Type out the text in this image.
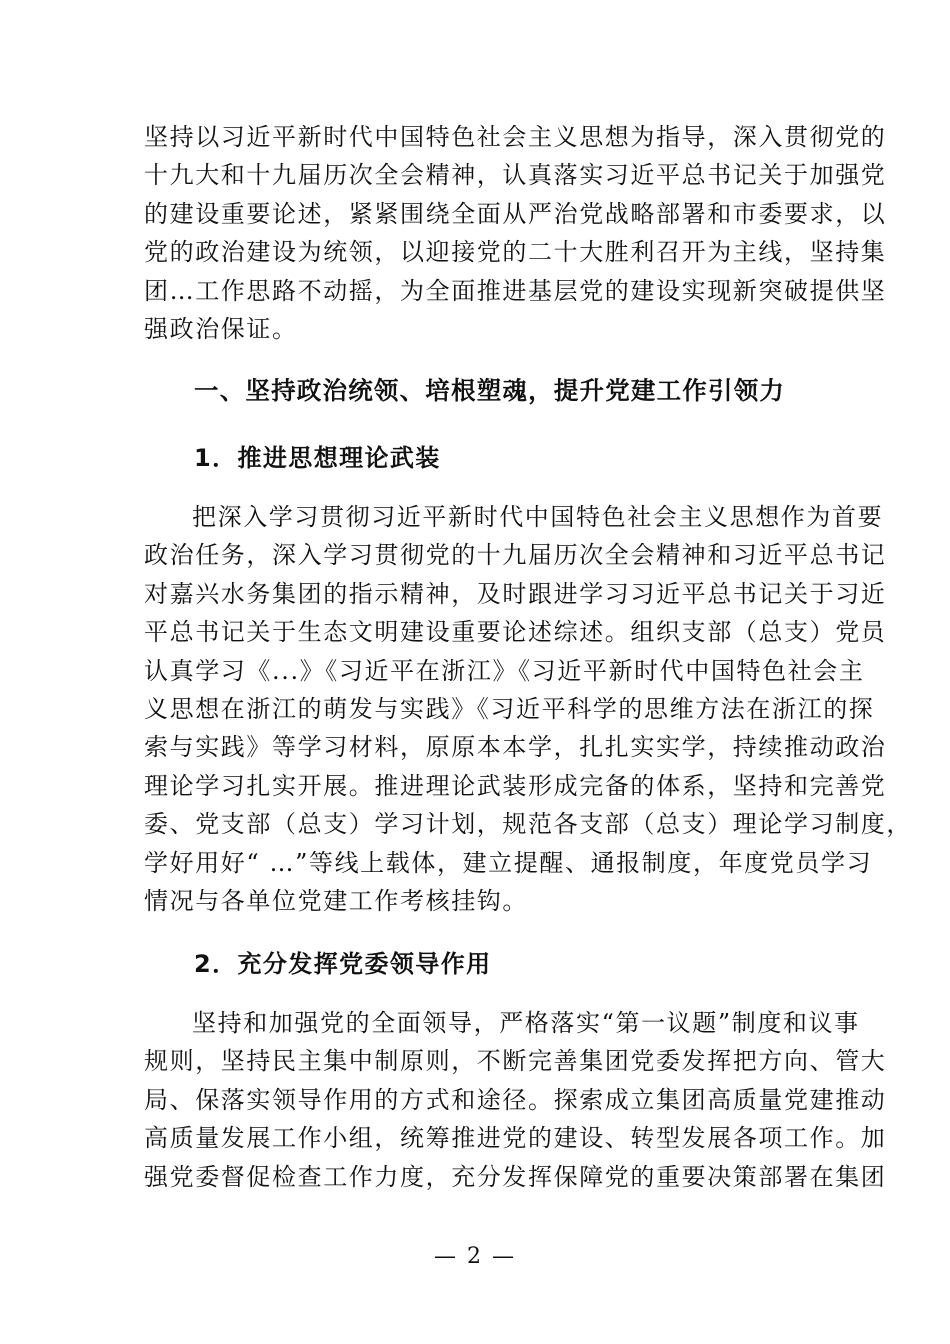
坚持以习近平新时代中国特色社会主义思想为指导，深入贯彻党的
十九大和十九届历次全会精神，认真落实习近平总书记关于加强党
的建设重要论述，紧紧围绕全面从严治党战略部署和市委要求，以
党的政治建设为统领，以迎接党的二十大胜利召开为主线，坚持集
团…工作思路不动摇，为全面推进基层党的建设实现新突破提供坚
强政治保证。
一、坚持政治统领、培根塑魂，提升党建工作引领力
1．推进思想理论武装
把深入学习贯彻习近平新时代中国特色社会主义思想作为首要
政治任务，深入学习贯彻党的十九届历次全会精神和习近平总书记
对嘉兴水务集团的指示精神，及时跟进学习习近平总书记关于习近
平总书记关于生态文明建设重要论述综述。组织支部（总支）党员
认真学习《...》《习近平在浙江》《习近平新时代中国特色社会主
义思想在浙江的萌发与实践》《习近平科学的思维方法在浙江的探
索与实践》等学习材料，原原本本学，扎扎实实学，持续推动政治
理论学习扎实开展。推进理论武装形成完备的体系，坚持和完善党
委、党支部（总支）学习计划，规范各支部（总支）理论学习制度，
学好用好“ …”等线上载体，建立提醒、通报制度，年度党员学习
情况与各单位党建工作考核挂钩。
2．充分发挥党委领导作用
坚持和加强党的全面领导，严格落实“第一议题”制度和议事
规则，坚持民主集中制原则，不断完善集团党委发挥把方向、管大
局、保落实领导作用的方式和途径。探索成立集团高质量党建推动
高质量发展工作小组，统筹推进党的建设、转型发展各项工作。加
强党委督促检查工作力度，充分发挥保障党的重要决策部署在集团
— 2 —
